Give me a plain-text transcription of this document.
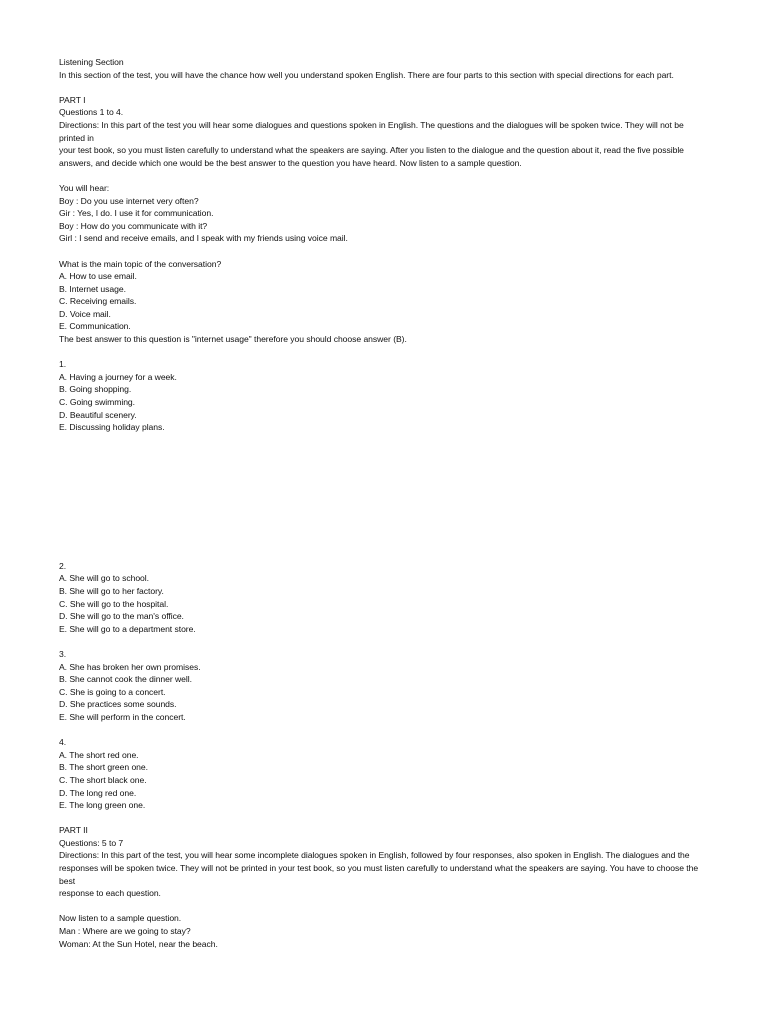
Listening Section

In this section of the test, you will have the chance how well you understand spoken English. There are four parts to this section with special directions for each part.

PART I

Questions 1 to 4.

Directions: In this part of the test you will hear some dialogues and questions spoken in English. The questions and the dialogues will be spoken twice. They will not be printed in

your test book, so you must listen carefully to understand what the speakers are saying. After you listen to the dialogue and the question about it, read the five possible

answers, and decide which one would be the best answer to the question you have heard. Now listen to a sample question.

You will hear:

Boy : Do you use internet very often?

Gir : Yes, I do. I use it for communication.

Boy : How do you communicate with it?

Girl : I send and receive emails, and I speak with my friends using voice mail.

What is the main topic of the conversation?

A. How to use email.

B. Internet usage.

C. Receiving emails.

D. Voice mail.

E. Communication.

The best answer to this question is "internet usage" therefore you should choose answer (B).

1.

A. Having a journey for a week.

B. Going shopping.

C. Going swimming.

D. Beautiful scenery.

E. Discussing holiday plans.

2.

A. She will go to school.

B. She will go to her factory.

C. She will go to the hospital.

D. She will go to the man's office.

E. She will go to a department store.

3.

A. She has broken her own promises.

B. She cannot cook the dinner well.

C. She is going to a concert.

D. She practices some sounds.

E. She will perform in the concert.

4.

A. The short red one.

B. The short green one.

C. The short black one.

D. The long red one.

E. The long green one.

PART II

Questions: 5 to 7

Directions: In this part of the test, you will hear some incomplete dialogues spoken in English, followed by four responses, also spoken in English. The dialogues and the

responses will be spoken twice. They will not be printed in your test book, so you must listen carefully to understand what the speakers are saying. You have to choose the best

response to each question.

Now listen to a sample question.

Man : Where are we going to stay?

Woman: At the Sun Hotel, near the beach.
